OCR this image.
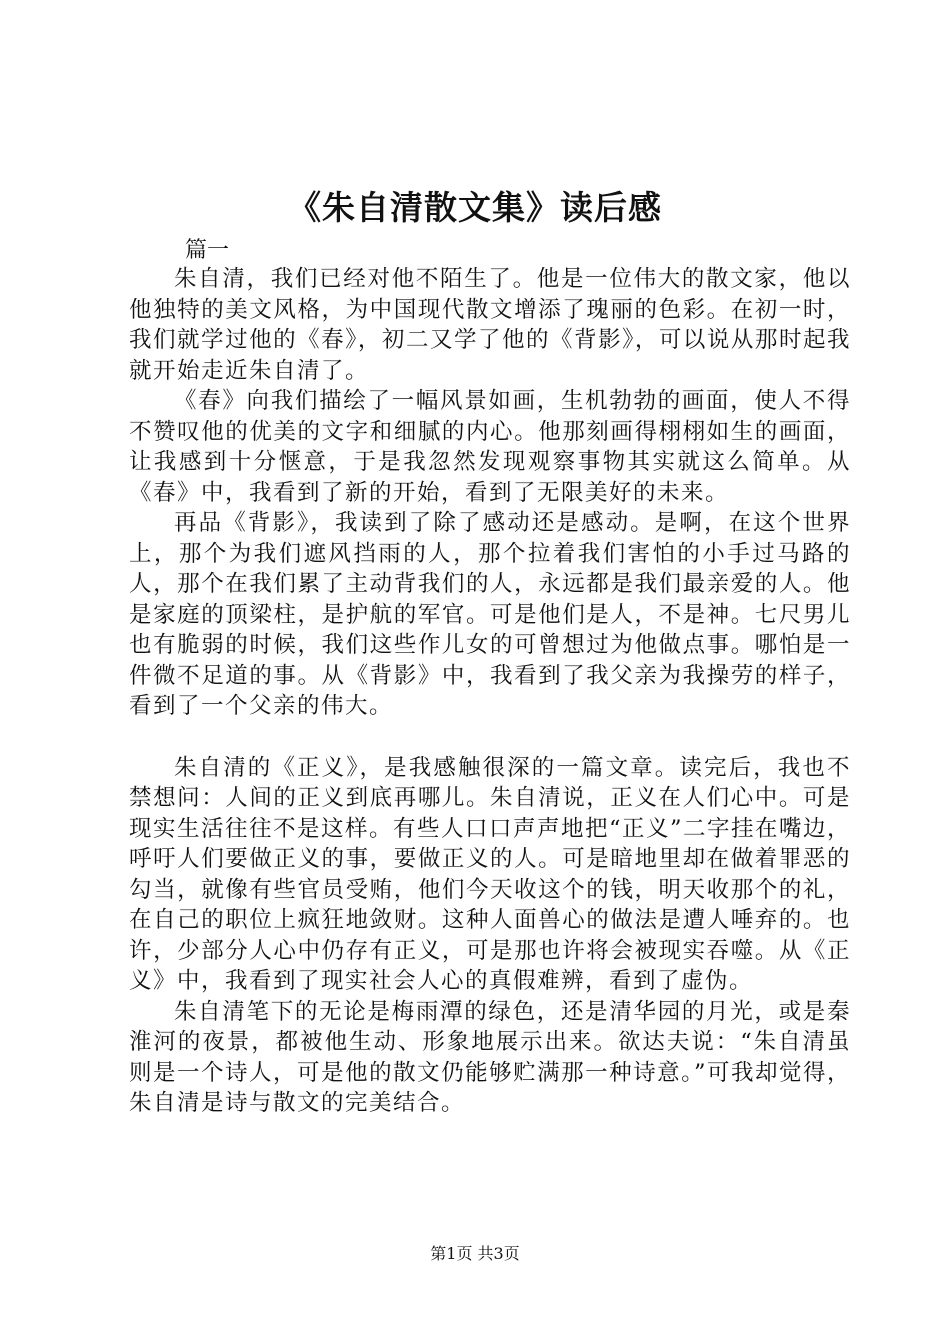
《朱自清散文集》读后感
篇一

朱自清，我们已经对他不陌生了。他是一位伟大的散文家，他以他独特的美文风格，为中国现代散文增添了瑰丽的色彩。在初一时，我们就学过他的《春》，初二又学了他的《背影》，可以说从那时起我就开始走近朱自清了。

《春》向我们描绘了一幅风景如画，生机勃勃的画面，使人不得不赞叹他的优美的文字和细腻的内心。他那刻画得栩栩如生的画面，让我感到十分惬意，于是我忽然发现观察事物其实就这么简单。从《春》中，我看到了新的开始，看到了无限美好的未来。

再品《背影》，我读到了除了感动还是感动。是啊，在这个世界上，那个为我们遮风挡雨的人，那个拉着我们害怕的小手过马路的人，那个在我们累了主动背我们的人，永远都是我们最亲爱的人。他是家庭的顶梁柱，是护航的军官。可是他们是人，不是神。七尺男儿也有脆弱的时候，我们这些作儿女的可曾想过为他做点事。哪怕是一件微不足道的事。从《背影》中，我看到了我父亲为我操劳的样子，看到了一个父亲的伟大。

朱自清的《正义》，是我感触很深的一篇文章。读完后，我也不禁想问：人间的正义到底再哪儿。朱自清说，正义在人们心中。可是现实生活往往不是这样。有些人口口声声地把“正义”二字挂在嘴边，呼吁人们要做正义的事，要做正义的人。可是暗地里却在做着罪恶的勾当，就像有些官员受贿，他们今天收这个的钱，明天收那个的礼，在自己的职位上疯狂地敛财。这种人面兽心的做法是遭人唾弃的。也许，少部分人心中仍存有正义，可是那也许将会被现实吞噬。从《正义》中，我看到了现实社会人心的真假难辨，看到了虚伪。

朱自清笔下的无论是梅雨潭的绿色，还是清华园的月光，或是秦淮河的夜景，都被他生动、形象地展示出来。欲达夫说：“朱自清虽则是一个诗人，可是他的散文仍能够贮满那一种诗意。”可我却觉得，朱自清是诗与散文的完美结合。

第1页 共3页
